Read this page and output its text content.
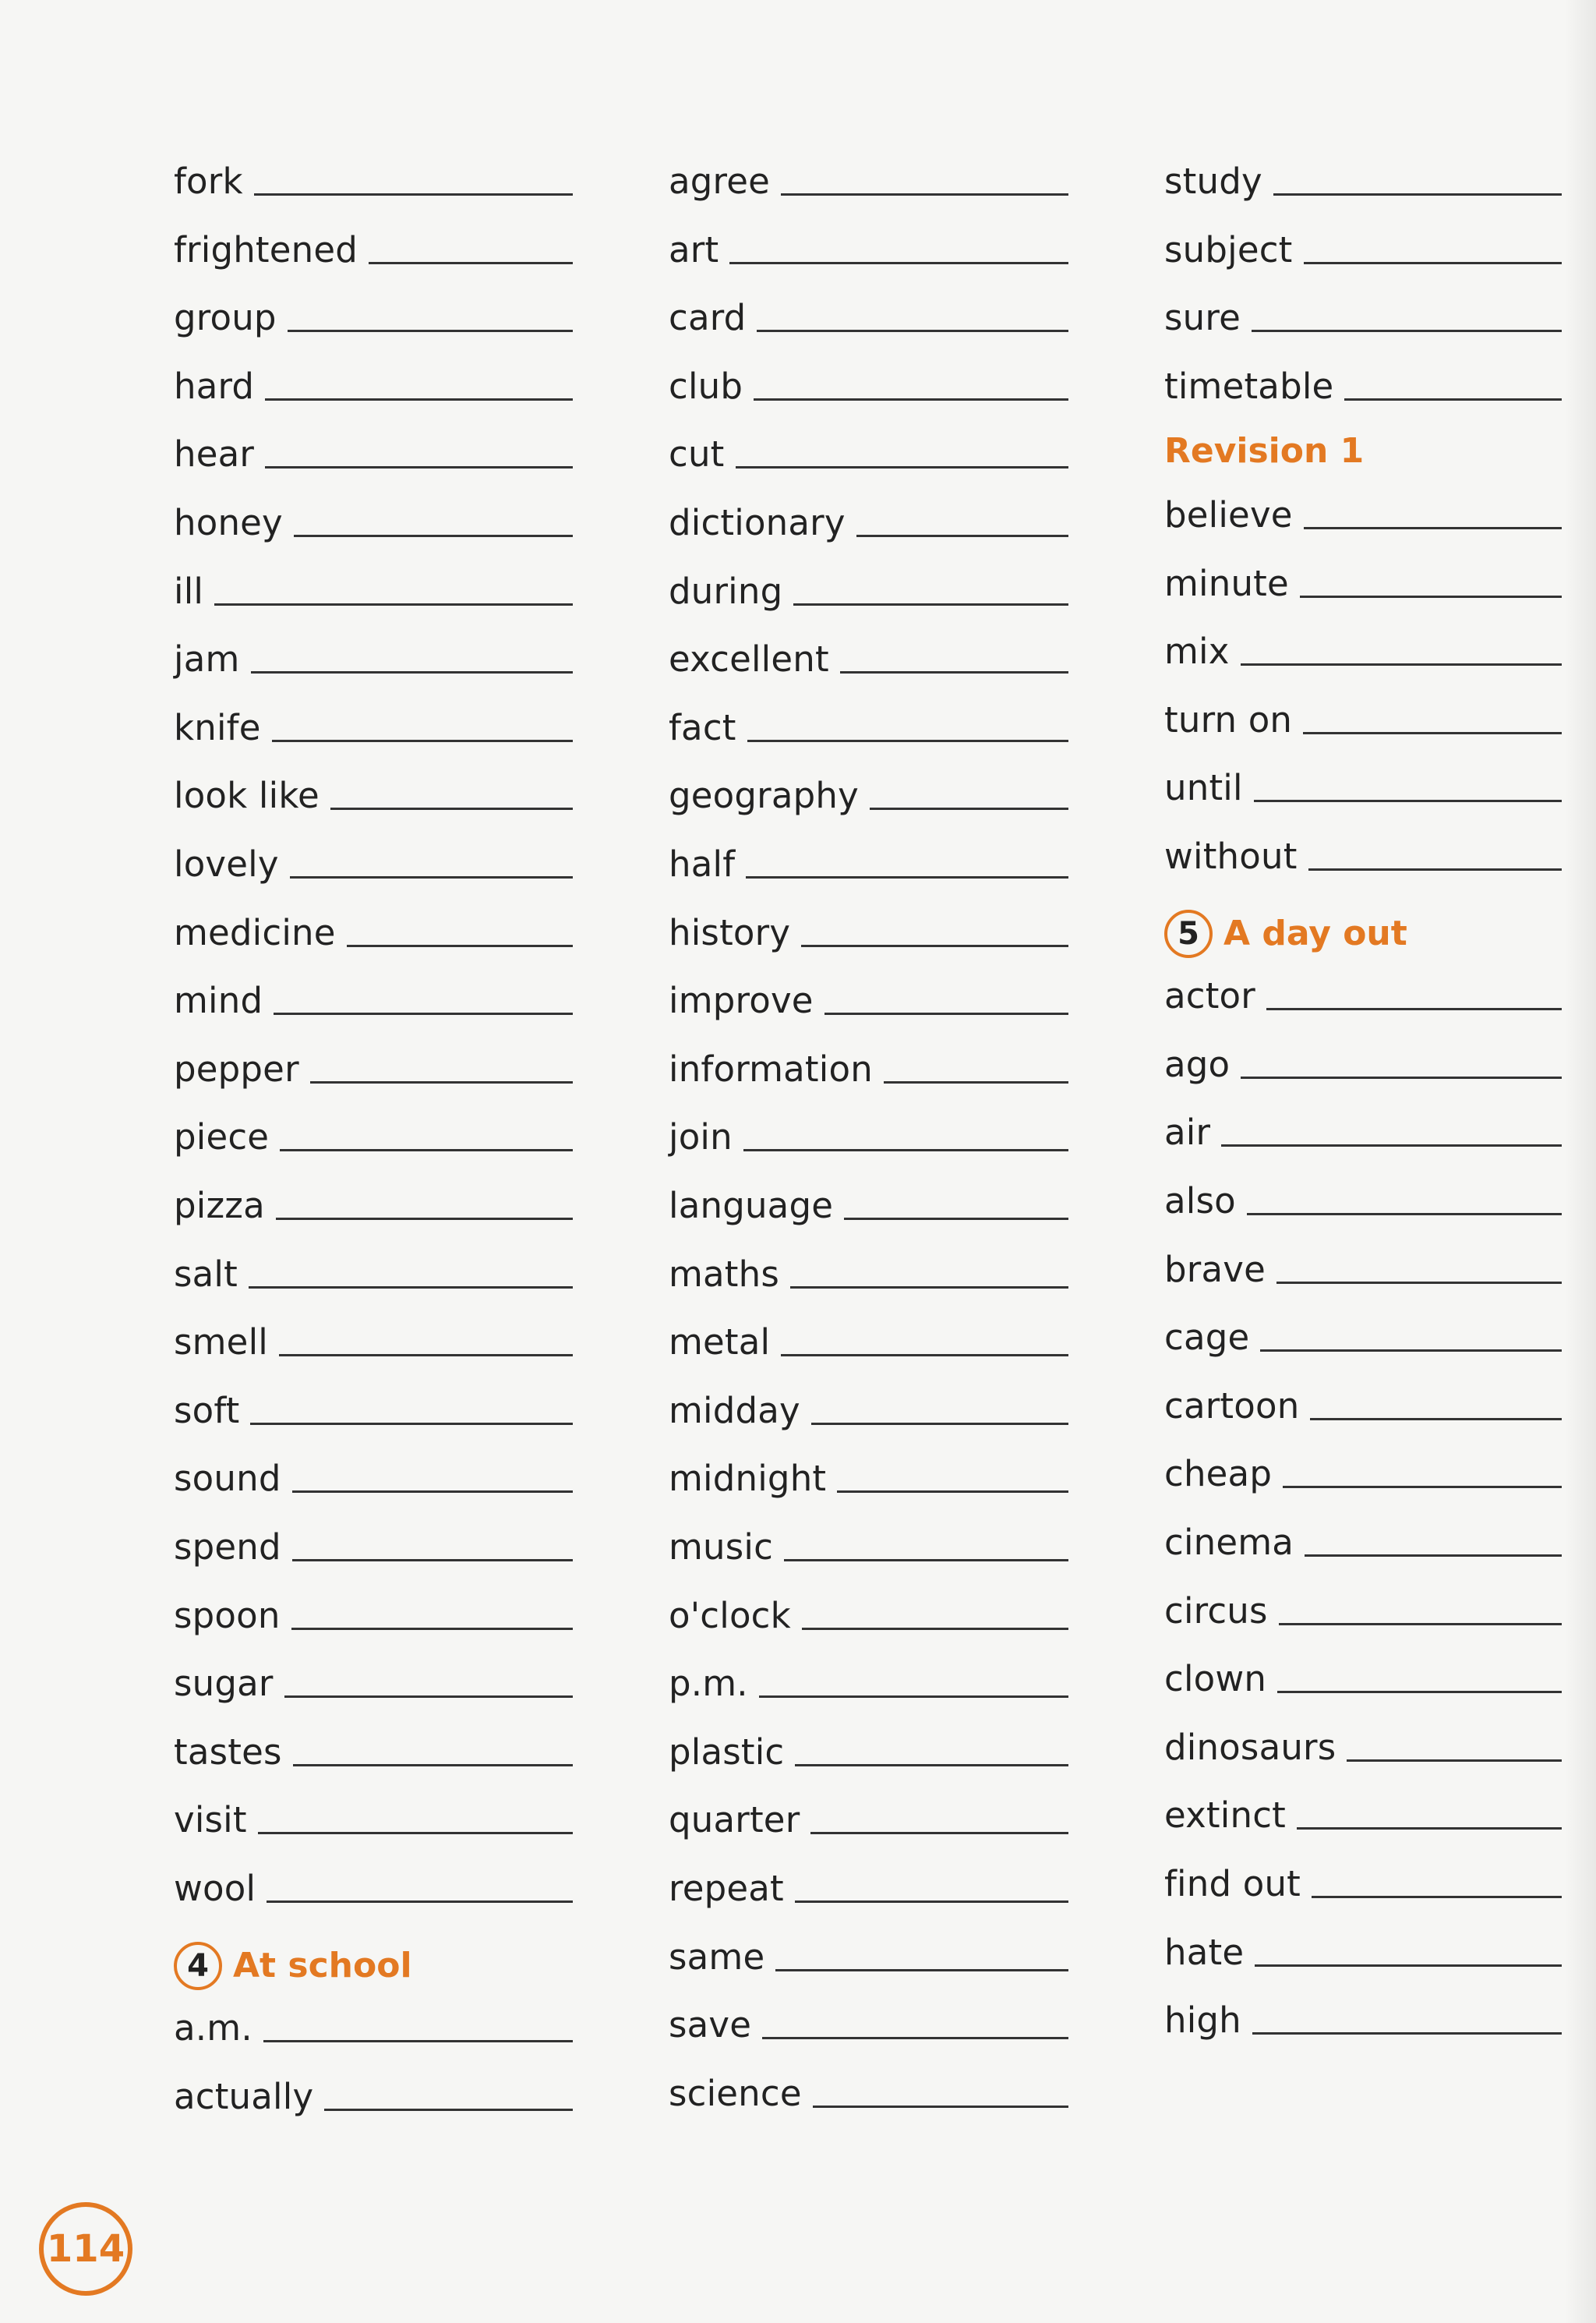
fork
frightened
group
hard
hear
honey
ill
jam
knife
look like
lovely
medicine
mind
pepper
piece
pizza
salt
smell
soft
sound
spend
spoon
sugar
tastes
visit
wool
4 At school
a.m.
actually
agree
art
card
club
cut
dictionary
during
excellent
fact
geography
half
history
improve
information
join
language
maths
metal
midday
midnight
music
o'clock
p.m.
plastic
quarter
repeat
same
save
science
study
subject
sure
timetable
Revision 1
believe
minute
mix
turn on
until
without
5 A day out
actor
ago
air
also
brave
cage
cartoon
cheap
cinema
circus
clown
dinosaurs
extinct
find out
hate
high
114
